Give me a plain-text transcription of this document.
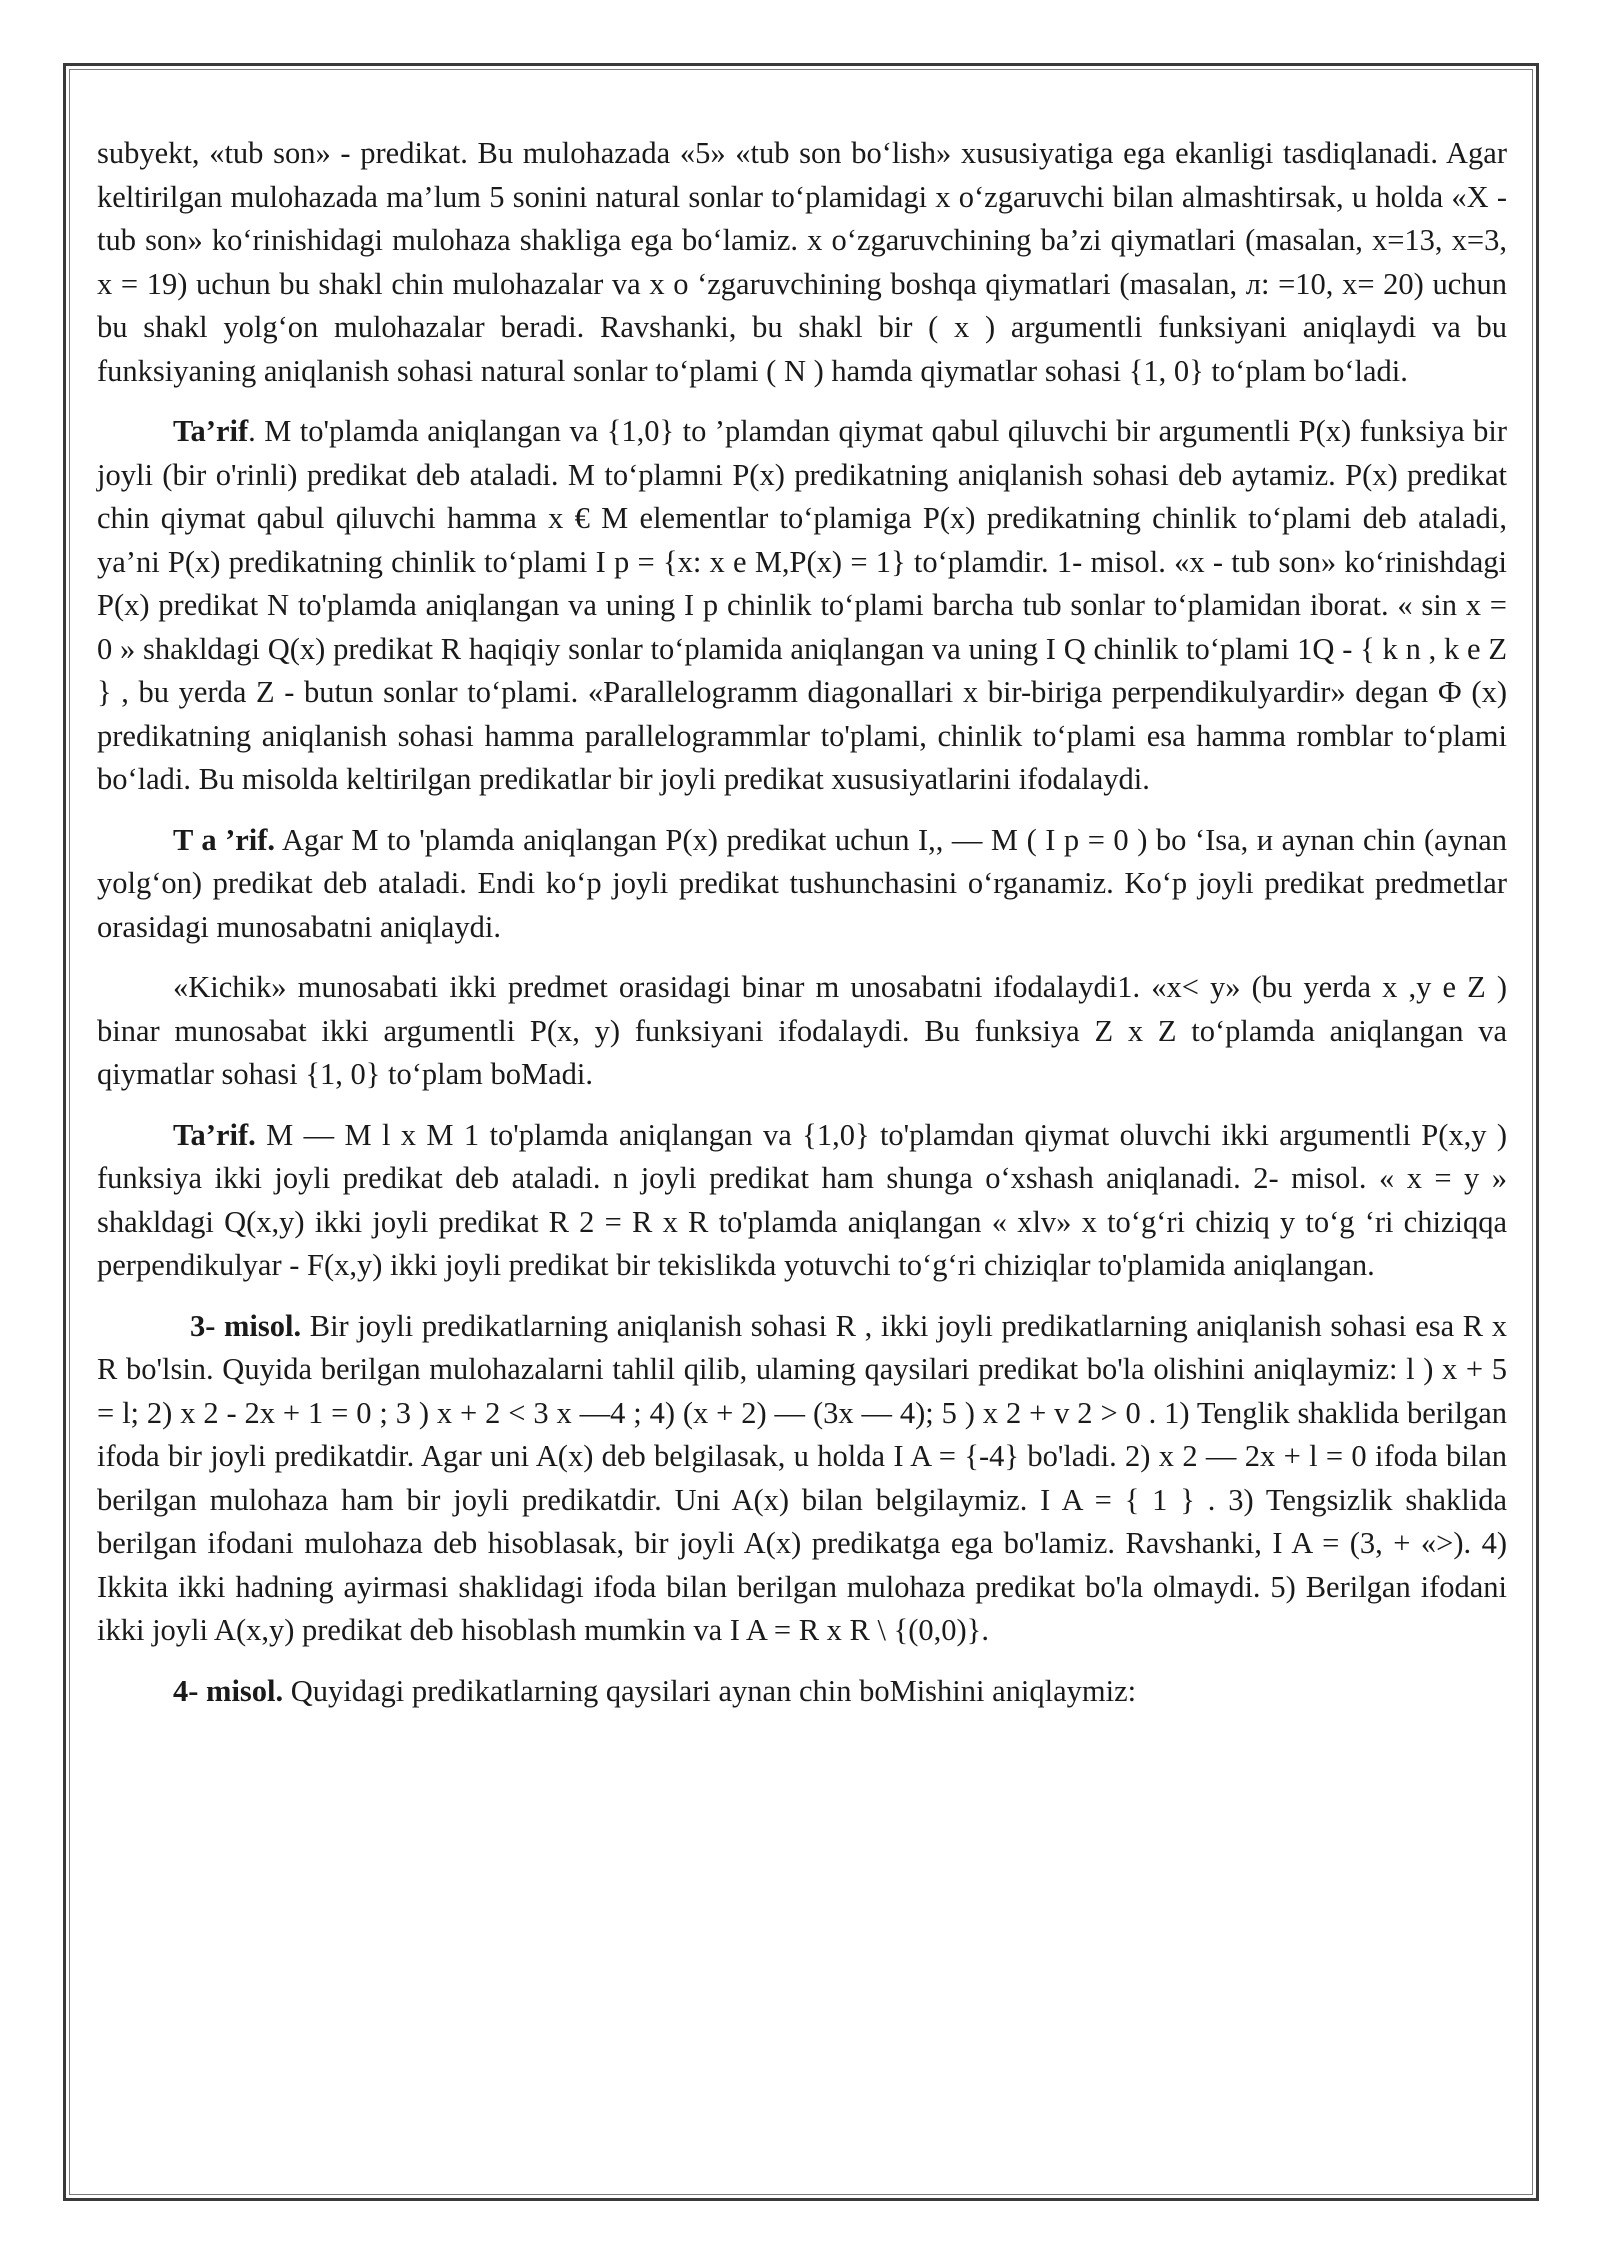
subyekt, «tub son» - predikat. Bu mulohazada «5» «tub son bo‘lish» xususiyatiga ega ekanligi tasdiqlanadi. Agar keltirilgan mulohazada ma’lum 5 sonini natural sonlar to‘plamidagi x o‘zgaruvchi bilan almashtirsak, u holda «X - tub son» ko‘rinishidagi mulohaza shakliga ega bo‘lamiz. x o‘zgaruvchining ba’zi qiymatlari (masalan, x=13, x=3, x = 19) uchun bu shakl chin mulohazalar va x o ‘zgaruvchining boshqa qiymatlari (masalan, л: =10, x= 20) uchun bu shakl yolg‘on mulohazalar beradi. Ravshanki, bu shakl bir ( x ) argumentli funksiyani aniqlaydi va bu funksiyaning aniqlanish sohasi natural sonlar to‘plami ( N ) hamda qiymatlar sohasi {1, 0} to‘plam bo‘ladi.

Ta’rif. M to'plamda aniqlangan va {1,0} to ’plamdan qiymat qabul qiluvchi bir argumentli P(x) funksiya bir joyli (bir o'rinli) predikat deb ataladi. M to‘plamni P(x) predikatning aniqlanish sohasi deb aytamiz. P(x) predikat chin qiymat qabul qiluvchi hamma x € M elementlar to‘plamiga P(x) predikatning chinlik to‘plami deb ataladi, ya’ni P(x) predikatning chinlik to‘plami I p = {x: x e M,P(x) = 1} to‘plamdir. 1- misol. «x - tub son» ko‘rinishdagi P(x) predikat N to'plamda aniqlangan va uning I p chinlik to‘plami barcha tub sonlar to‘plamidan iborat. « sin x = 0 » shakldagi Q(x) predikat R haqiqiy sonlar to‘plamida aniqlangan va uning I Q chinlik to‘plami 1Q - { k n , k e Z } , bu yerda Z - butun sonlar to‘plami. «Parallelogramm diagonallari x bir-biriga perpendikulyardir» degan Ф (x) predikatning aniqlanish sohasi hamma parallelogrammlar to'plami, chinlik to‘plami esa hamma romblar to‘plami bo‘ladi. Bu misolda keltirilgan predikatlar bir joyli predikat xususiyatlarini ifodalaydi.

T a ’rif. Agar M to 'plamda aniqlangan P(x) predikat uchun I,, — M ( I p = 0 ) bo ‘Isa, и aynan chin (aynan yolg‘on) predikat deb ataladi. Endi ko‘p joyli predikat tushunchasini o‘rganamiz. Ko‘p joyli predikat predmetlar orasidagi munosabatni aniqlaydi.

«Kichik» munosabati ikki predmet orasidagi binar m unosabatni ifodalaydi1. «x< y» (bu yerda x ,y e Z ) binar munosabat ikki argumentli P(x, y) funksiyani ifodalaydi. Bu funksiya Z x Z to‘plamda aniqlangan va qiymatlar sohasi {1, 0} to‘plam boMadi.

Ta’rif. M — M l x M 1 to'plamda aniqlangan va {1,0} to'plamdan qiymat oluvchi ikki argumentli P(x,y ) funksiya ikki joyli predikat deb ataladi. n joyli predikat ham shunga o‘xshash aniqlanadi. 2- misol. « x = y » shakldagi Q(x,y) ikki joyli predikat R 2 = R x R to'plamda aniqlangan « xlv» x to‘g‘ri chiziq y to‘g ‘ri chiziqqa perpendikulyar - F(x,y) ikki joyli predikat bir tekislikda yotuvchi to‘g‘ri chiziqlar to'plamida aniqlangan.

3- misol. Bir joyli predikatlarning aniqlanish sohasi R , ikki joyli predikatlarning aniqlanish sohasi esa R x R bo'lsin. Quyida berilgan mulohazalarni tahlil qilib, ulaming qaysilari predikat bo'la olishini aniqlaymiz: l ) x + 5 = l; 2) x 2 - 2x + 1 = 0 ; 3 ) x + 2 < 3 x —4 ; 4) (x + 2) — (3x — 4); 5 ) x 2 + v 2 > 0 . 1) Tenglik shaklida berilgan ifoda bir joyli predikatdir. Agar uni A(x) deb belgilasak, u holda I A = {-4} bo'ladi. 2) x 2 — 2x + l = 0 ifoda bilan berilgan mulohaza ham bir joyli predikatdir. Uni A(x) bilan belgilaymiz. I A = { 1 } . 3) Tengsizlik shaklida berilgan ifodani mulohaza deb hisoblasak, bir joyli A(x) predikatga ega bo'lamiz. Ravshanki, I A = (3, + «>). 4) Ikkita ikki hadning ayirmasi shaklidagi ifoda bilan berilgan mulohaza predikat bo'la olmaydi. 5) Berilgan ifodani ikki joyli A(x,y) predikat deb hisoblash mumkin va I A = R x R \ {(0,0)}.

4- misol. Quyidagi predikatlarning qaysilari aynan chin boMishini aniqlaymiz:
